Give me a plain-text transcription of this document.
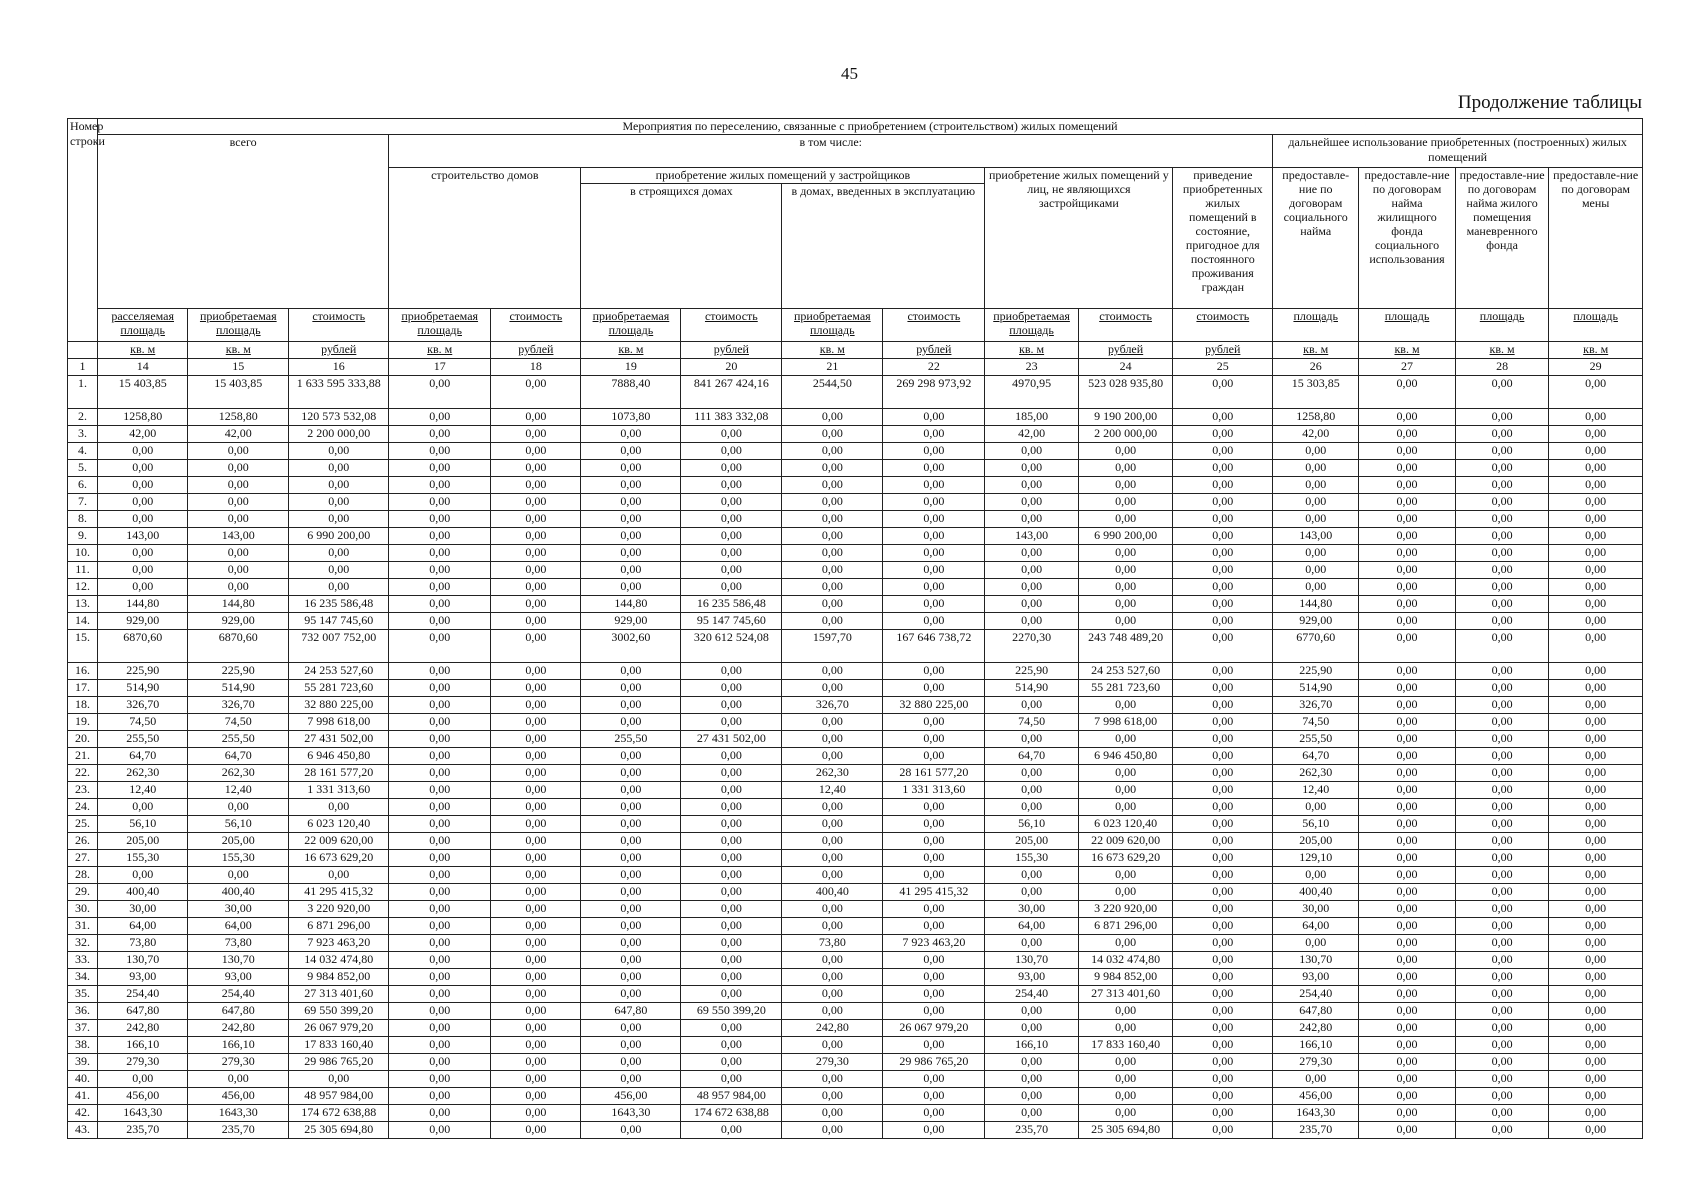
45
Продолжение таблицы
Номер строки	Мероприятия по переселению, связанные с приобретением (строительством) жилых помещений															
	всего			в том числе:									дальнейшее использование приобретенных (построенных) жилых помещений			
				строительство домов		приобретение жилых помещений у застройщиков				приобретение жилых помещений у лиц, не являющихся застройщиками		приведение приобретенных жилых помещений в состояние, пригодное для постоянного проживания граждан	предоставле-ние по договорам социального найма	предоставле-ние по договорам найма жилищного фонда социального использования	предоставле-ние по договорам найма жилого помещения маневренного фонда	предоставле-ние по договорам мены
						в строящихся домах		в домах, введенных в эксплуатацию								
	расселяемая площадь	приобретаемая площадь	стоимость	приобретаемая площадь	стоимость	приобретаемая площадь	стоимость	приобретаемая площадь	стоимость	приобретаемая площадь	стоимость	стоимость	площадь	площадь	площадь	площадь
	кв. м	кв. м	рублей	кв. м	рублей	кв. м	рублей	кв. м	рублей	кв. м	рублей	рублей	кв. м	кв. м	кв. м	кв. м
1	14	15	16	17	18	19	20	21	22	23	24	25	26	27	28	29
1.	15 403,85	15 403,85	1 633 595 333,88	0,00	0,00	7888,40	841 267 424,16	2544,50	269 298 973,92	4970,95	523 028 935,80	0,00	15 303,85	0,00	0,00	0,00
2.	1258,80	1258,80	120 573 532,08	0,00	0,00	1073,80	111 383 332,08	0,00	0,00	185,00	9 190 200,00	0,00	1258,80	0,00	0,00	0,00
3.	42,00	42,00	2 200 000,00	0,00	0,00	0,00	0,00	0,00	0,00	42,00	2 200 000,00	0,00	42,00	0,00	0,00	0,00
4.	0,00	0,00	0,00	0,00	0,00	0,00	0,00	0,00	0,00	0,00	0,00	0,00	0,00	0,00	0,00	0,00
5.	0,00	0,00	0,00	0,00	0,00	0,00	0,00	0,00	0,00	0,00	0,00	0,00	0,00	0,00	0,00	0,00
6.	0,00	0,00	0,00	0,00	0,00	0,00	0,00	0,00	0,00	0,00	0,00	0,00	0,00	0,00	0,00	0,00
7.	0,00	0,00	0,00	0,00	0,00	0,00	0,00	0,00	0,00	0,00	0,00	0,00	0,00	0,00	0,00	0,00
8.	0,00	0,00	0,00	0,00	0,00	0,00	0,00	0,00	0,00	0,00	0,00	0,00	0,00	0,00	0,00	0,00
9.	143,00	143,00	6 990 200,00	0,00	0,00	0,00	0,00	0,00	0,00	143,00	6 990 200,00	0,00	143,00	0,00	0,00	0,00
10.	0,00	0,00	0,00	0,00	0,00	0,00	0,00	0,00	0,00	0,00	0,00	0,00	0,00	0,00	0,00	0,00
11.	0,00	0,00	0,00	0,00	0,00	0,00	0,00	0,00	0,00	0,00	0,00	0,00	0,00	0,00	0,00	0,00
12.	0,00	0,00	0,00	0,00	0,00	0,00	0,00	0,00	0,00	0,00	0,00	0,00	0,00	0,00	0,00	0,00
13.	144,80	144,80	16 235 586,48	0,00	0,00	144,80	16 235 586,48	0,00	0,00	0,00	0,00	0,00	144,80	0,00	0,00	0,00
14.	929,00	929,00	95 147 745,60	0,00	0,00	929,00	95 147 745,60	0,00	0,00	0,00	0,00	0,00	929,00	0,00	0,00	0,00
15.	6870,60	6870,60	732 007 752,00	0,00	0,00	3002,60	320 612 524,08	1597,70	167 646 738,72	2270,30	243 748 489,20	0,00	6770,60	0,00	0,00	0,00
16.	225,90	225,90	24 253 527,60	0,00	0,00	0,00	0,00	0,00	0,00	225,90	24 253 527,60	0,00	225,90	0,00	0,00	0,00
17.	514,90	514,90	55 281 723,60	0,00	0,00	0,00	0,00	0,00	0,00	514,90	55 281 723,60	0,00	514,90	0,00	0,00	0,00
18.	326,70	326,70	32 880 225,00	0,00	0,00	0,00	0,00	326,70	32 880 225,00	0,00	0,00	0,00	326,70	0,00	0,00	0,00
19.	74,50	74,50	7 998 618,00	0,00	0,00	0,00	0,00	0,00	0,00	74,50	7 998 618,00	0,00	74,50	0,00	0,00	0,00
20.	255,50	255,50	27 431 502,00	0,00	0,00	255,50	27 431 502,00	0,00	0,00	0,00	0,00	0,00	255,50	0,00	0,00	0,00
21.	64,70	64,70	6 946 450,80	0,00	0,00	0,00	0,00	0,00	0,00	64,70	6 946 450,80	0,00	64,70	0,00	0,00	0,00
22.	262,30	262,30	28 161 577,20	0,00	0,00	0,00	0,00	262,30	28 161 577,20	0,00	0,00	0,00	262,30	0,00	0,00	0,00
23.	12,40	12,40	1 331 313,60	0,00	0,00	0,00	0,00	12,40	1 331 313,60	0,00	0,00	0,00	12,40	0,00	0,00	0,00
24.	0,00	0,00	0,00	0,00	0,00	0,00	0,00	0,00	0,00	0,00	0,00	0,00	0,00	0,00	0,00	0,00
25.	56,10	56,10	6 023 120,40	0,00	0,00	0,00	0,00	0,00	0,00	56,10	6 023 120,40	0,00	56,10	0,00	0,00	0,00
26.	205,00	205,00	22 009 620,00	0,00	0,00	0,00	0,00	0,00	0,00	205,00	22 009 620,00	0,00	205,00	0,00	0,00	0,00
27.	155,30	155,30	16 673 629,20	0,00	0,00	0,00	0,00	0,00	0,00	155,30	16 673 629,20	0,00	129,10	0,00	0,00	0,00
28.	0,00	0,00	0,00	0,00	0,00	0,00	0,00	0,00	0,00	0,00	0,00	0,00	0,00	0,00	0,00	0,00
29.	400,40	400,40	41 295 415,32	0,00	0,00	0,00	0,00	400,40	41 295 415,32	0,00	0,00	0,00	400,40	0,00	0,00	0,00
30.	30,00	30,00	3 220 920,00	0,00	0,00	0,00	0,00	0,00	0,00	30,00	3 220 920,00	0,00	30,00	0,00	0,00	0,00
31.	64,00	64,00	6 871 296,00	0,00	0,00	0,00	0,00	0,00	0,00	64,00	6 871 296,00	0,00	64,00	0,00	0,00	0,00
32.	73,80	73,80	7 923 463,20	0,00	0,00	0,00	0,00	73,80	7 923 463,20	0,00	0,00	0,00	0,00	0,00	0,00	0,00
33.	130,70	130,70	14 032 474,80	0,00	0,00	0,00	0,00	0,00	0,00	130,70	14 032 474,80	0,00	130,70	0,00	0,00	0,00
34.	93,00	93,00	9 984 852,00	0,00	0,00	0,00	0,00	0,00	0,00	93,00	9 984 852,00	0,00	93,00	0,00	0,00	0,00
35.	254,40	254,40	27 313 401,60	0,00	0,00	0,00	0,00	0,00	0,00	254,40	27 313 401,60	0,00	254,40	0,00	0,00	0,00
36.	647,80	647,80	69 550 399,20	0,00	0,00	647,80	69 550 399,20	0,00	0,00	0,00	0,00	0,00	647,80	0,00	0,00	0,00
37.	242,80	242,80	26 067 979,20	0,00	0,00	0,00	0,00	242,80	26 067 979,20	0,00	0,00	0,00	242,80	0,00	0,00	0,00
38.	166,10	166,10	17 833 160,40	0,00	0,00	0,00	0,00	0,00	0,00	166,10	17 833 160,40	0,00	166,10	0,00	0,00	0,00
39.	279,30	279,30	29 986 765,20	0,00	0,00	0,00	0,00	279,30	29 986 765,20	0,00	0,00	0,00	279,30	0,00	0,00	0,00
40.	0,00	0,00	0,00	0,00	0,00	0,00	0,00	0,00	0,00	0,00	0,00	0,00	0,00	0,00	0,00	0,00
41.	456,00	456,00	48 957 984,00	0,00	0,00	456,00	48 957 984,00	0,00	0,00	0,00	0,00	0,00	456,00	0,00	0,00	0,00
42.	1643,30	1643,30	174 672 638,88	0,00	0,00	1643,30	174 672 638,88	0,00	0,00	0,00	0,00	0,00	1643,30	0,00	0,00	0,00
43.	235,70	235,70	25 305 694,80	0,00	0,00	0,00	0,00	0,00	0,00	235,70	25 305 694,80	0,00	235,70	0,00	0,00	0,00
